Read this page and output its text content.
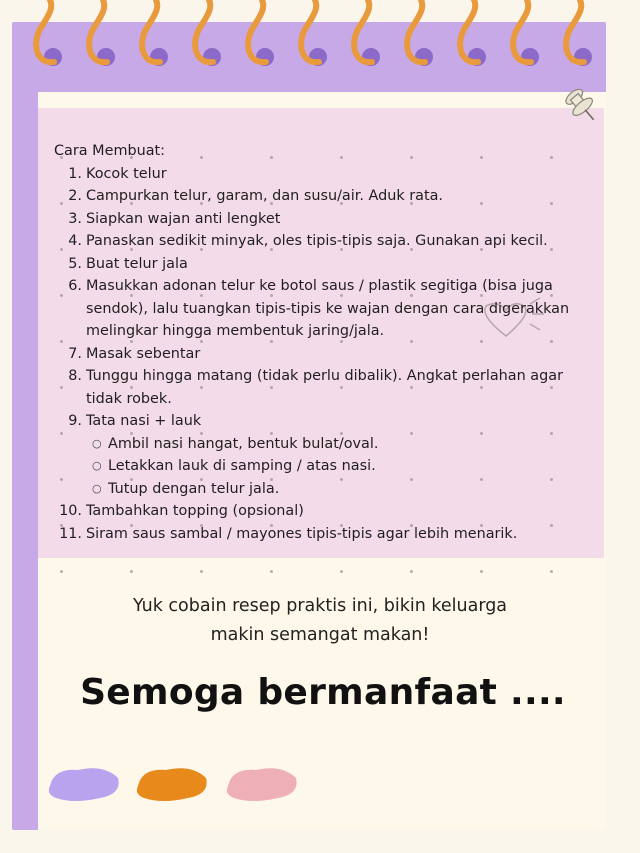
Cara Membuat:
1. Kocok telur
2. Campurkan telur, garam, dan susu/air. Aduk rata.
3. Siapkan wajan anti lengket
4. Panaskan sedikit minyak, oles tipis-tipis saja. Gunakan api kecil.
5. Buat telur jala
6. Masukkan adonan telur ke botol saus / plastik segitiga (bisa juga sendok), lalu tuangkan tipis-tipis ke wajan dengan cara digerakkan melingkar hingga membentuk jaring/jala.
7. Masak sebentar
8. Tunggu hingga matang (tidak perlu dibalik). Angkat perlahan agar tidak robek.
9. Tata nasi + lauk
○ Ambil nasi hangat, bentuk bulat/oval.
○ Letakkan lauk di samping / atas nasi.
○ Tutup dengan telur jala.
10. Tambahkan topping (opsional)
11. Siram saus sambal / mayones tipis-tipis agar lebih menarik.
Yuk cobain resep praktis ini, bikin keluarga
makin semangat makan!
Semoga bermanfaat ....
